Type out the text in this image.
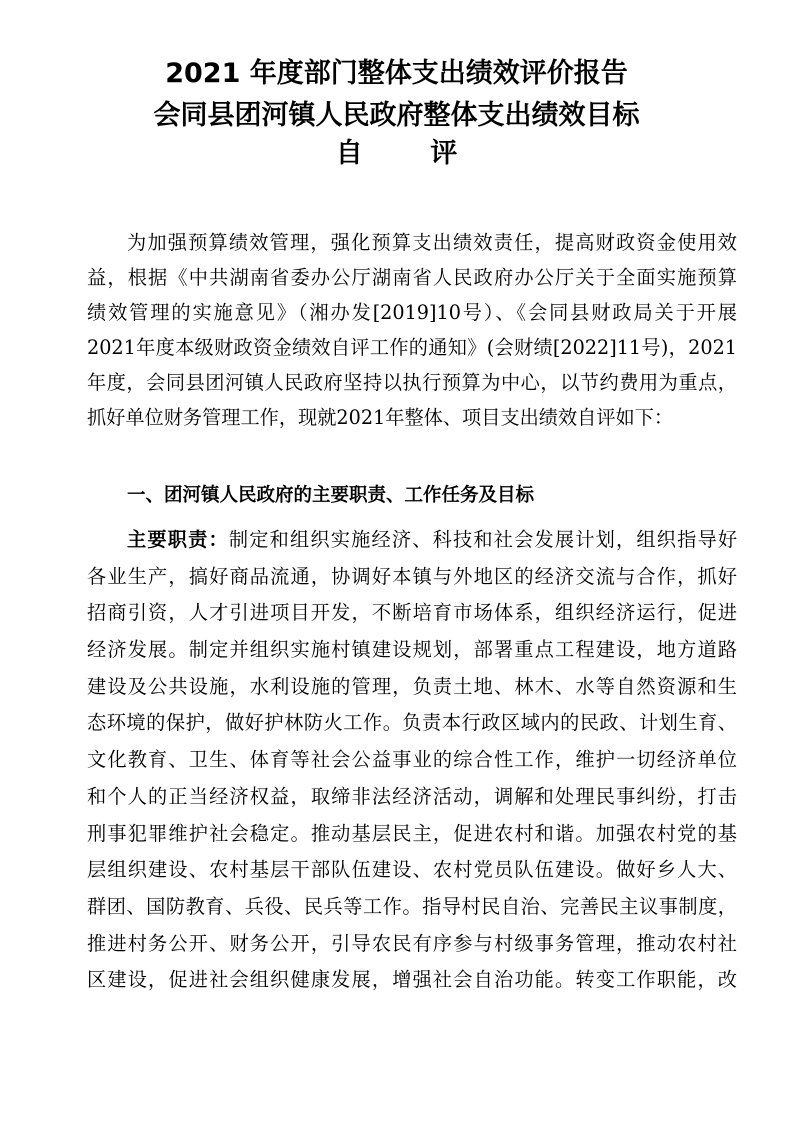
2021 年度部门整体支出绩效评价报告
会同县团河镇人民政府整体支出绩效目标
自 评
为加强预算绩效管理，强化预算支出绩效责任，提高财政资金使用效
益，根据《中共湖南省委办公厅湖南省人民政府办公厅关于全面实施预算
绩效管理的实施意见》（湘办发[2019]10号）、《会同县财政局关于开展
2021年度本级财政资金绩效自评工作的通知》(会财绩[2022]11号)，2021
年度，会同县团河镇人民政府坚持以执行预算为中心，以节约费用为重点，
抓好单位财务管理工作，现就2021年整体、项目支出绩效自评如下：
一、团河镇人民政府的主要职责、工作任务及目标
主要职责：制定和组织实施经济、科技和社会发展计划，组织指导好
各业生产，搞好商品流通，协调好本镇与外地区的经济交流与合作，抓好
招商引资，人才引进项目开发，不断培育市场体系，组织经济运行，促进
经济发展。制定并组织实施村镇建设规划，部署重点工程建设，地方道路
建设及公共设施，水利设施的管理，负责土地、林木、水等自然资源和生
态环境的保护，做好护林防火工作。负责本行政区域内的民政、计划生育、
文化教育、卫生、体育等社会公益事业的综合性工作，维护一切经济单位
和个人的正当经济权益，取缔非法经济活动，调解和处理民事纠纷，打击
刑事犯罪维护社会稳定。推动基层民主，促进农村和谐。加强农村党的基
层组织建设、农村基层干部队伍建设、农村党员队伍建设。做好乡人大、
群团、国防教育、兵役、民兵等工作。指导村民自治、完善民主议事制度，
推进村务公开、财务公开，引导农民有序参与村级事务管理，推动农村社
区建设，促进社会组织健康发展，增强社会自治功能。转变工作职能，改
